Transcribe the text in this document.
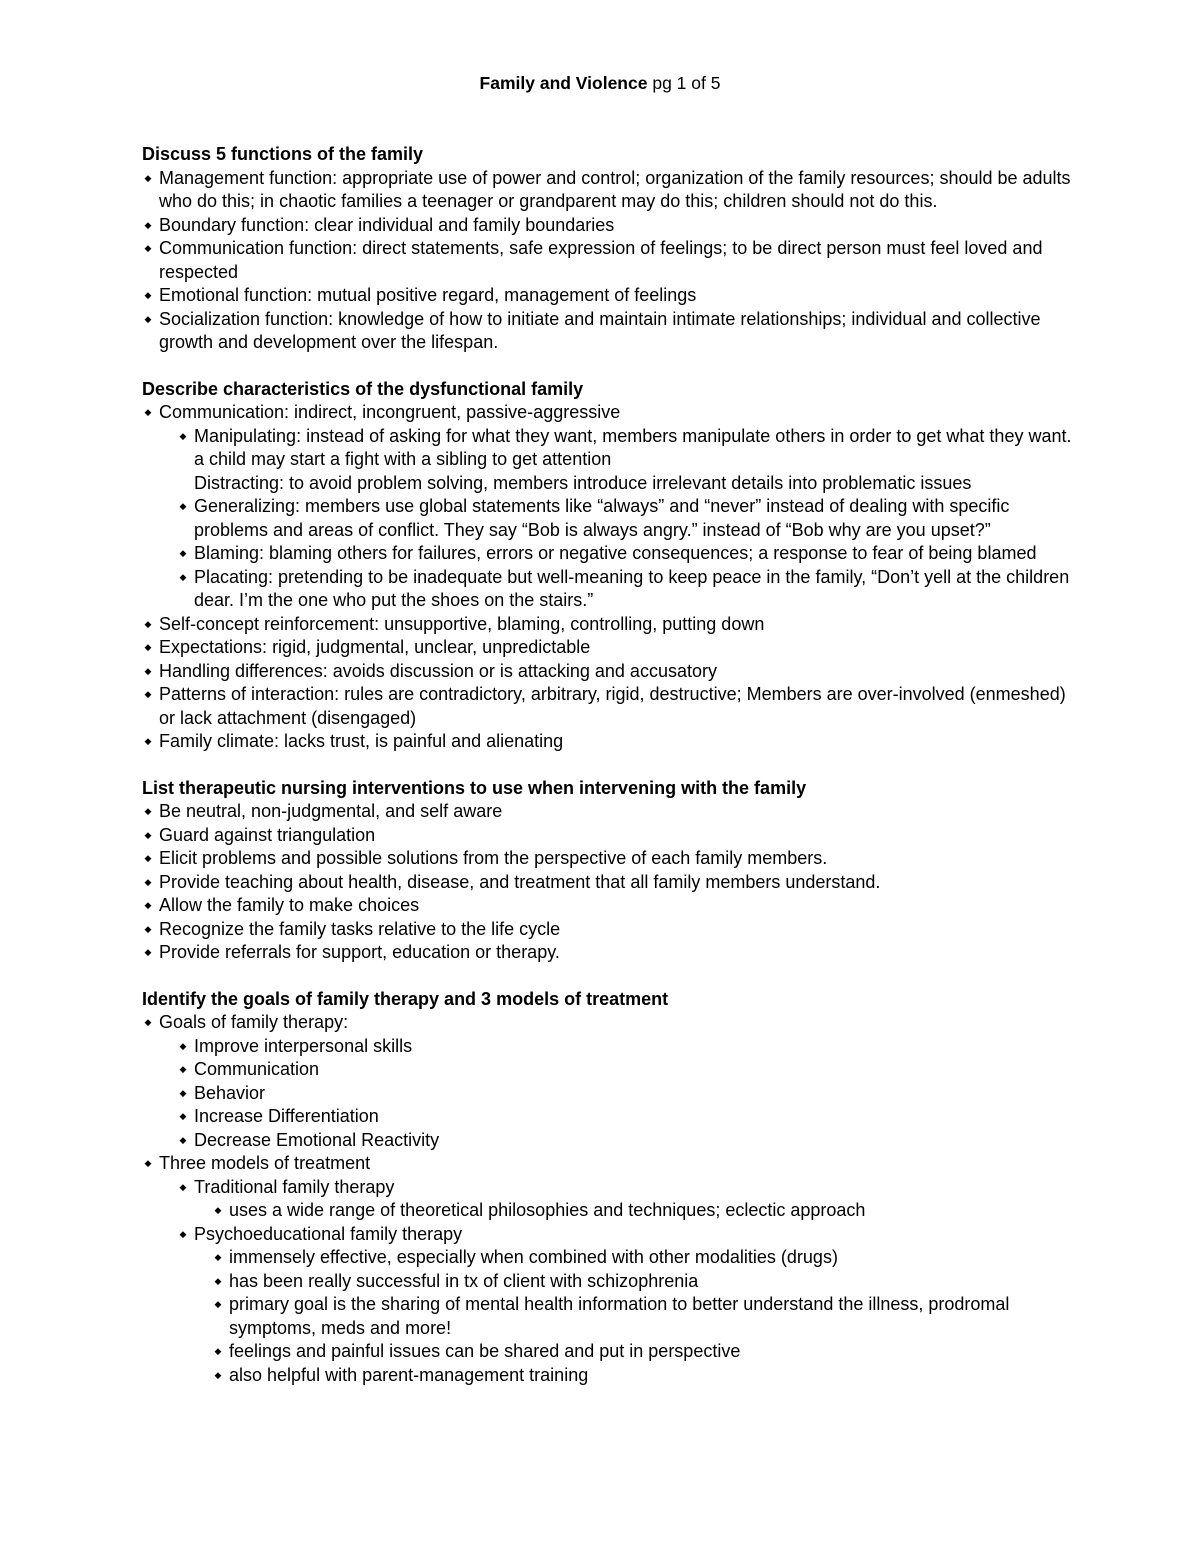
Family and Violence pg 1 of 5

Discuss 5 functions of the family

◆ Management function: appropriate use of power and control; organization of the family resources; should be adults who do this; in chaotic families a teenager or grandparent may do this; children should not do this.
◆ Boundary function: clear individual and family boundaries
◆ Communication function: direct statements, safe expression of feelings; to be direct person must feel loved and respected
◆ Emotional function: mutual positive regard, management of feelings
◆ Socialization function: knowledge of how to initiate and maintain intimate relationships; individual and collective growth and development over the lifespan.

Describe characteristics of the dysfunctional family

◆ Communication: indirect, incongruent, passive-aggressive
◆ Manipulating: instead of asking for what they want, members manipulate others in order to get what they want. a child may start a fight with a sibling to get attention
Distracting: to avoid problem solving, members introduce irrelevant details into problematic issues
◆ Generalizing: members use global statements like “always” and “never” instead of dealing with specific problems and areas of conflict. They say “Bob is always angry.” instead of “Bob why are you upset?”
◆ Blaming: blaming others for failures, errors or negative consequences; a response to fear of being blamed
◆ Placating: pretending to be inadequate but well-meaning to keep peace in the family, “Don’t yell at the children dear. I’m the one who put the shoes on the stairs.”
◆ Self-concept reinforcement: unsupportive, blaming, controlling, putting down
◆ Expectations: rigid, judgmental, unclear, unpredictable
◆ Handling differences: avoids discussion or is attacking and accusatory
◆ Patterns of interaction: rules are contradictory, arbitrary, rigid, destructive; Members are over-involved (enmeshed) or lack attachment (disengaged)
◆ Family climate: lacks trust, is painful and alienating

List therapeutic nursing interventions to use when intervening with the family

◆ Be neutral, non-judgmental, and self aware
◆ Guard against triangulation
◆ Elicit problems and possible solutions from the perspective of each family members.
◆ Provide teaching about health, disease, and treatment that all family members understand.
◆ Allow the family to make choices
◆ Recognize the family tasks relative to the life cycle
◆ Provide referrals for support, education or therapy.

Identify the goals of family therapy and 3 models of treatment

◆ Goals of family therapy:
◆ Improve interpersonal skills
◆ Communication
◆ Behavior
◆ Increase Differentiation
◆ Decrease Emotional Reactivity
◆ Three models of treatment
◆ Traditional family therapy
◆ uses a wide range of theoretical philosophies and techniques; eclectic approach
◆ Psychoeducational family therapy
◆ immensely effective, especially when combined with other modalities (drugs)
◆ has been really successful in tx of client with schizophrenia
◆ primary goal is the sharing of mental health information to better understand the illness, prodromal symptoms, meds and more!
◆ feelings and painful issues can be shared and put in perspective
◆ also helpful with parent-management training
